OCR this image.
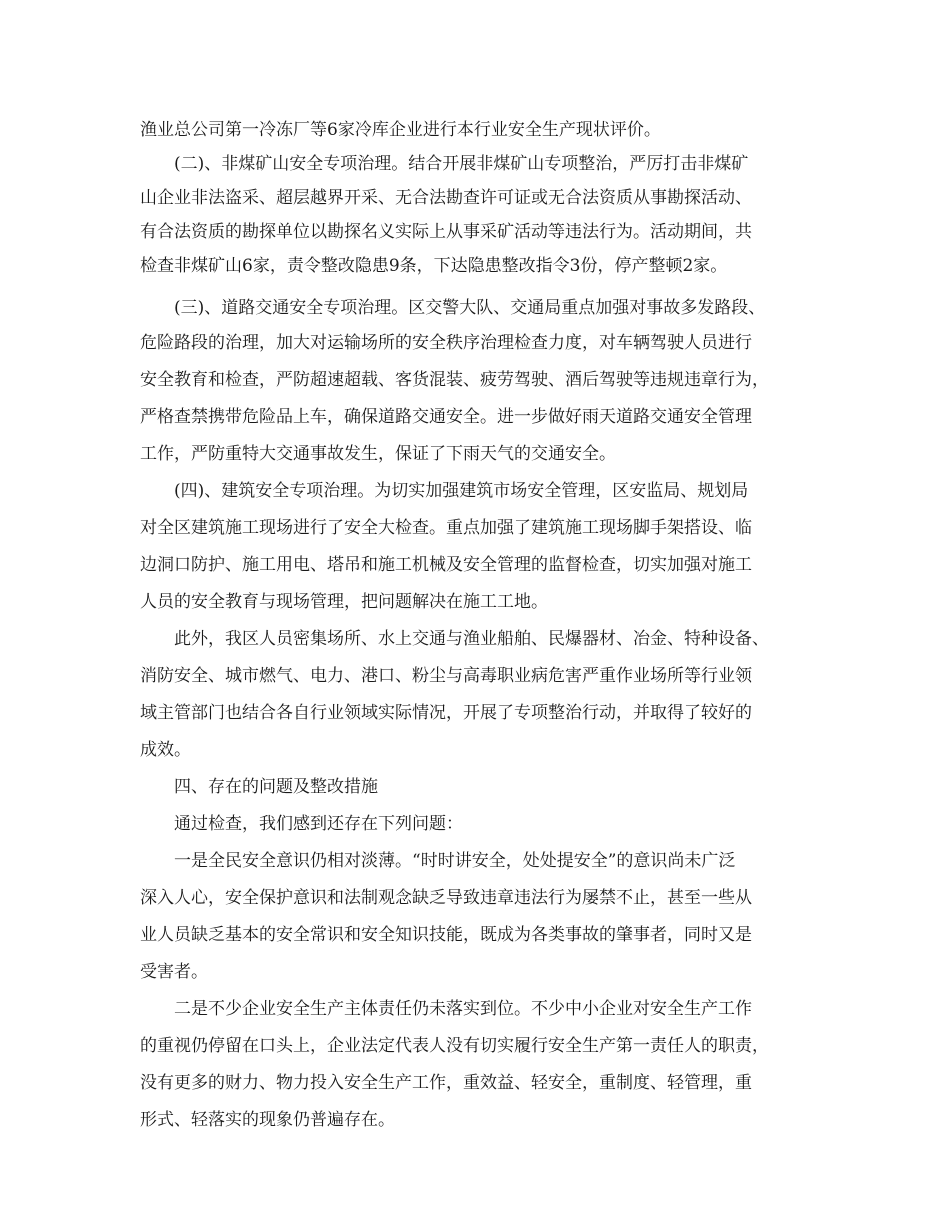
渔业总公司第一冷冻厂等6家冷库企业进行本行业安全生产现状评价。
(二)、非煤矿山安全专项治理。结合开展非煤矿山专项整治，严厉打击非煤矿
山企业非法盗采、超层越界开采、无合法勘查许可证或无合法资质从事勘探活动、
有合法资质的勘探单位以勘探名义实际上从事采矿活动等违法行为。活动期间，共
检查非煤矿山6家，责令整改隐患9条，下达隐患整改指令3份，停产整顿2家。
(三)、道路交通安全专项治理。区交警大队、交通局重点加强对事故多发路段、
危险路段的治理，加大对运输场所的安全秩序治理检查力度，对车辆驾驶人员进行
安全教育和检查，严防超速超载、客货混装、疲劳驾驶、酒后驾驶等违规违章行为，
严格查禁携带危险品上车，确保道路交通安全。进一步做好雨天道路交通安全管理
工作，严防重特大交通事故发生，保证了下雨天气的交通安全。
(四)、建筑安全专项治理。为切实加强建筑市场安全管理，区安监局、规划局
对全区建筑施工现场进行了安全大检查。重点加强了建筑施工现场脚手架搭设、临
边洞口防护、施工用电、塔吊和施工机械及安全管理的监督检查，切实加强对施工
人员的安全教育与现场管理，把问题解决在施工工地。
此外，我区人员密集场所、水上交通与渔业船舶、民爆器材、冶金、特种设备、
消防安全、城市燃气、电力、港口、粉尘与高毒职业病危害严重作业场所等行业领
域主管部门也结合各自行业领域实际情况，开展了专项整治行动，并取得了较好的
成效。
四、存在的问题及整改措施
通过检查，我们感到还存在下列问题：
一是全民安全意识仍相对淡薄。“时时讲安全，处处提安全”的意识尚未广泛
深入人心，安全保护意识和法制观念缺乏导致违章违法行为屡禁不止，甚至一些从
业人员缺乏基本的安全常识和安全知识技能，既成为各类事故的肇事者，同时又是
受害者。
二是不少企业安全生产主体责任仍未落实到位。不少中小企业对安全生产工作
的重视仍停留在口头上，企业法定代表人没有切实履行安全生产第一责任人的职责，
没有更多的财力、物力投入安全生产工作，重效益、轻安全，重制度、轻管理，重
形式、轻落实的现象仍普遍存在。
